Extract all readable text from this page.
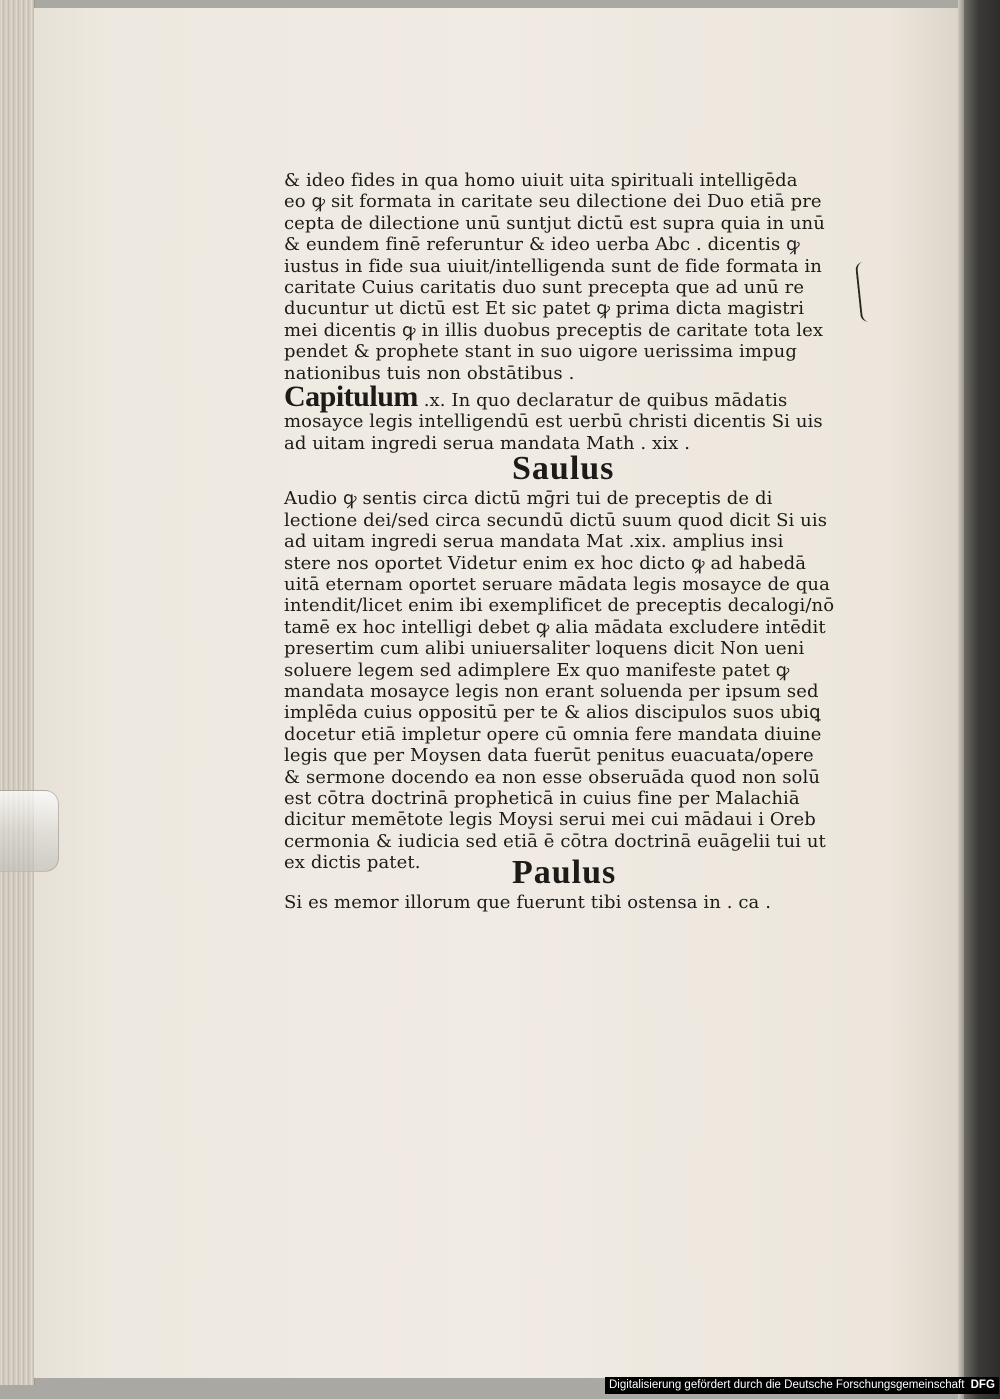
& ideo fides in qua homo uiuit uita spirituali intelligēda
eo ꝙ sit formata in caritate seu dilectione dei Duo etiā pre
cepta de dilectione unū suntjut dictū est supra quia in unū
& eundem finē referuntur & ideo uerba Abc . dicentis ꝙ
iustus in fide sua uiuit/intelligenda sunt de fide formata in
caritate Cuius caritatis duo sunt precepta que ad unū re
ducuntur ut dictū est Et sic patet ꝙ prima dicta magistri
mei dicentis ꝙ in illis duobus preceptis de caritate tota lex
pendet & prophete stant in suo uigore uerissima impug
nationibus tuis non obstātibus .
Capitulum .x. In quo declaratur de quibus mādatis
mosayce legis intelligendū est uerbū christi dicentis Si uis
ad uitam ingredi serua mandata Math . xix .
Saulus
Audio ꝙ sentis circa dictū mḡri tui de preceptis de di
lectione dei/sed circa secundū dictū suum quod dicit Si uis
ad uitam ingredi serua mandata Mat .xix. amplius insi
stere nos oportet Videtur enim ex hoc dicto ꝙ ad habedā
uitā eternam oportet seruare mādata legis mosayce de qua
intendit/licet enim ibi exemplificet de preceptis decalogi/nō
tamē ex hoc intelligi debet ꝙ alia mādata excludere intēdit
presertim cum alibi uniuersaliter loquens dicit Non ueni
soluere legem sed adimplere Ex quo manifeste patet ꝙ
mandata mosayce legis non erant soluenda per ipsum sed
implēda cuius oppositū per te & alios discipulos suos ubiꝗ
docetur etiā impletur opere cū omnia fere mandata diuine
legis que per Moysen data fuerūt penitus euacuata/opere
& sermone docendo ea non esse obseruāda quod non solū
est cōtra doctrinā propheticā in cuius fine per Malachiā
dicitur memētote legis Moysi serui mei cui mādaui i Oreb
cermonia & iudicia sed etiā ē cōtra doctrinā euāgelii tui ut
ex dictis patet.	Paulus
Si es memor illorum que fuerunt tibi ostensa in . ca .
Digitalisierung gefördert durch die Deutsche Forschungsgemeinschaft DFG
